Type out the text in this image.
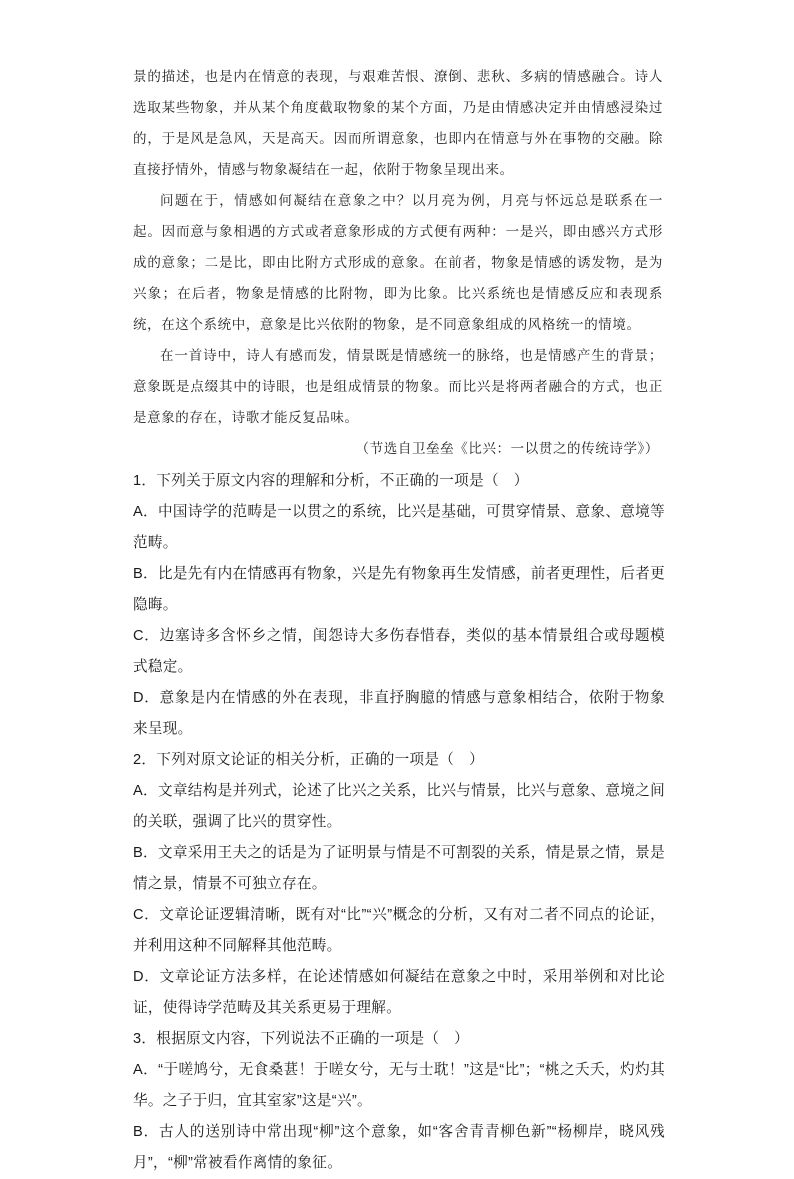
景的描述，也是内在情意的表现，与艰难苦恨、潦倒、悲秋、多病的情感融合。诗人选取某些物象，并从某个角度截取物象的某个方面，乃是由情感决定并由情感浸染过的，于是风是急风，天是高天。因而所谓意象，也即内在情意与外在事物的交融。除直接抒情外，情感与物象凝结在一起，依附于物象呈现出来。

问题在于，情感如何凝结在意象之中？以月亮为例，月亮与怀远总是联系在一起。因而意与象相遇的方式或者意象形成的方式便有两种：一是兴，即由感兴方式形成的意象；二是比，即由比附方式形成的意象。在前者，物象是情感的诱发物，是为兴象；在后者，物象是情感的比附物，即为比象。比兴系统也是情感反应和表现系统，在这个系统中，意象是比兴依附的物象，是不同意象组成的风格统一的情境。

在一首诗中，诗人有感而发，情景既是情感统一的脉络，也是情感产生的背景；意象既是点缀其中的诗眼，也是组成情景的物象。而比兴是将两者融合的方式，也正是意象的存在，诗歌才能反复品味。

（节选自卫垒垒《比兴：一以贯之的传统诗学》）

1．下列关于原文内容的理解和分析，不正确的一项是（　）

A．中国诗学的范畴是一以贯之的系统，比兴是基础，可贯穿情景、意象、意境等范畴。

B．比是先有内在情感再有物象，兴是先有物象再生发情感，前者更理性，后者更隐晦。

C．边塞诗多含怀乡之情，闺怨诗大多伤春惜春，类似的基本情景组合或母题模式稳定。

D．意象是内在情感的外在表现，非直抒胸臆的情感与意象相结合，依附于物象来呈现。

2．下列对原文论证的相关分析，正确的一项是（　）

A．文章结构是并列式，论述了比兴之关系，比兴与情景，比兴与意象、意境之间的关联，强调了比兴的贯穿性。

B．文章采用王夫之的话是为了证明景与情是不可割裂的关系，情是景之情，景是情之景，情景不可独立存在。

C．文章论证逻辑清晰，既有对“比”“兴”概念的分析，又有对二者不同点的论证，并利用这种不同解释其他范畴。

D．文章论证方法多样，在论述情感如何凝结在意象之中时，采用举例和对比论证，使得诗学范畴及其关系更易于理解。

3．根据原文内容，下列说法不正确的一项是（　）

A．“于嗟鸠兮，无食桑葚！于嗟女兮，无与士耽！”这是“比”；“桃之夭夭，灼灼其华。之子于归，宜其室家”这是“兴”。

B．古人的送别诗中常出现“柳”这个意象，如“客舍青青柳色新”“杨柳岸，晓风残月”，“柳”常被看作离情的象征。
